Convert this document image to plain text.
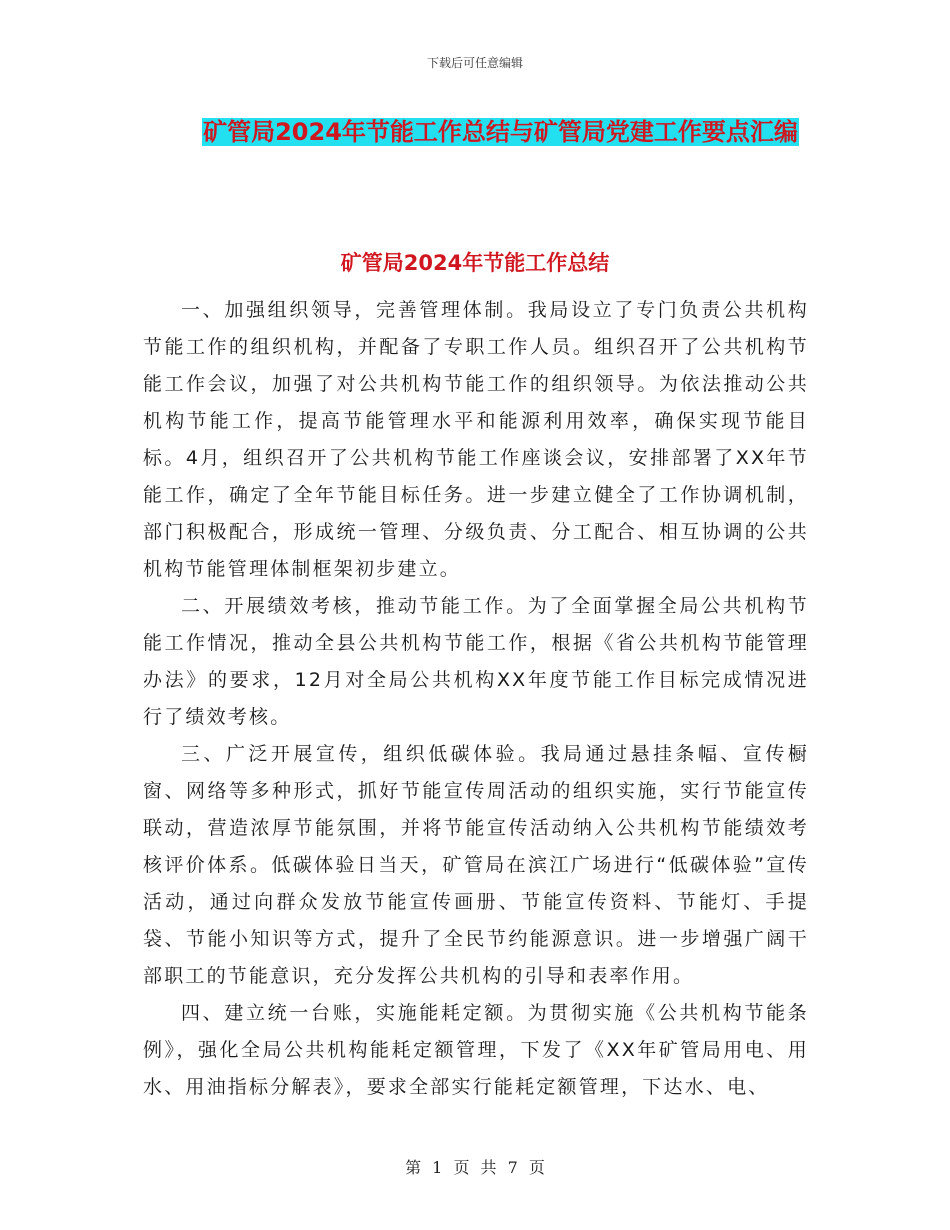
下载后可任意编辑
矿管局2024年节能工作总结与矿管局党建工作要点汇编
矿管局2024年节能工作总结

一、加强组织领导，完善管理体制。我局设立了专门负责公共机构节能工作的组织机构，并配备了专职工作人员。组织召开了公共机构节能工作会议，加强了对公共机构节能工作的组织领导。为依法推动公共机构节能工作，提高节能管理水平和能源利用效率，确保实现节能目标。4月，组织召开了公共机构节能工作座谈会议，安排部署了XX年节能工作，确定了全年节能目标任务。进一步建立健全了工作协调机制，部门积极配合，形成统一管理、分级负责、分工配合、相互协调的公共机构节能管理体制框架初步建立。

二、开展绩效考核，推动节能工作。为了全面掌握全局公共机构节能工作情况，推动全县公共机构节能工作，根据《省公共机构节能管理办法》的要求，12月对全局公共机构XX年度节能工作目标完成情况进行了绩效考核。

三、广泛开展宣传，组织低碳体验。我局通过悬挂条幅、宣传橱窗、网络等多种形式，抓好节能宣传周活动的组织实施，实行节能宣传联动，营造浓厚节能氛围，并将节能宣传活动纳入公共机构节能绩效考核评价体系。低碳体验日当天，矿管局在滨江广场进行“低碳体验”宣传活动，通过向群众发放节能宣传画册、节能宣传资料、节能灯、手提袋、节能小知识等方式，提升了全民节约能源意识。进一步增强广阔干部职工的节能意识，充分发挥公共机构的引导和表率作用。

四、建立统一台账，实施能耗定额。为贯彻实施《公共机构节能条例》，强化全局公共机构能耗定额管理，下发了《XX年矿管局用电、用水、用油指标分解表》，要求全部实行能耗定额管理，下达水、电、

第 1 页 共 7 页
